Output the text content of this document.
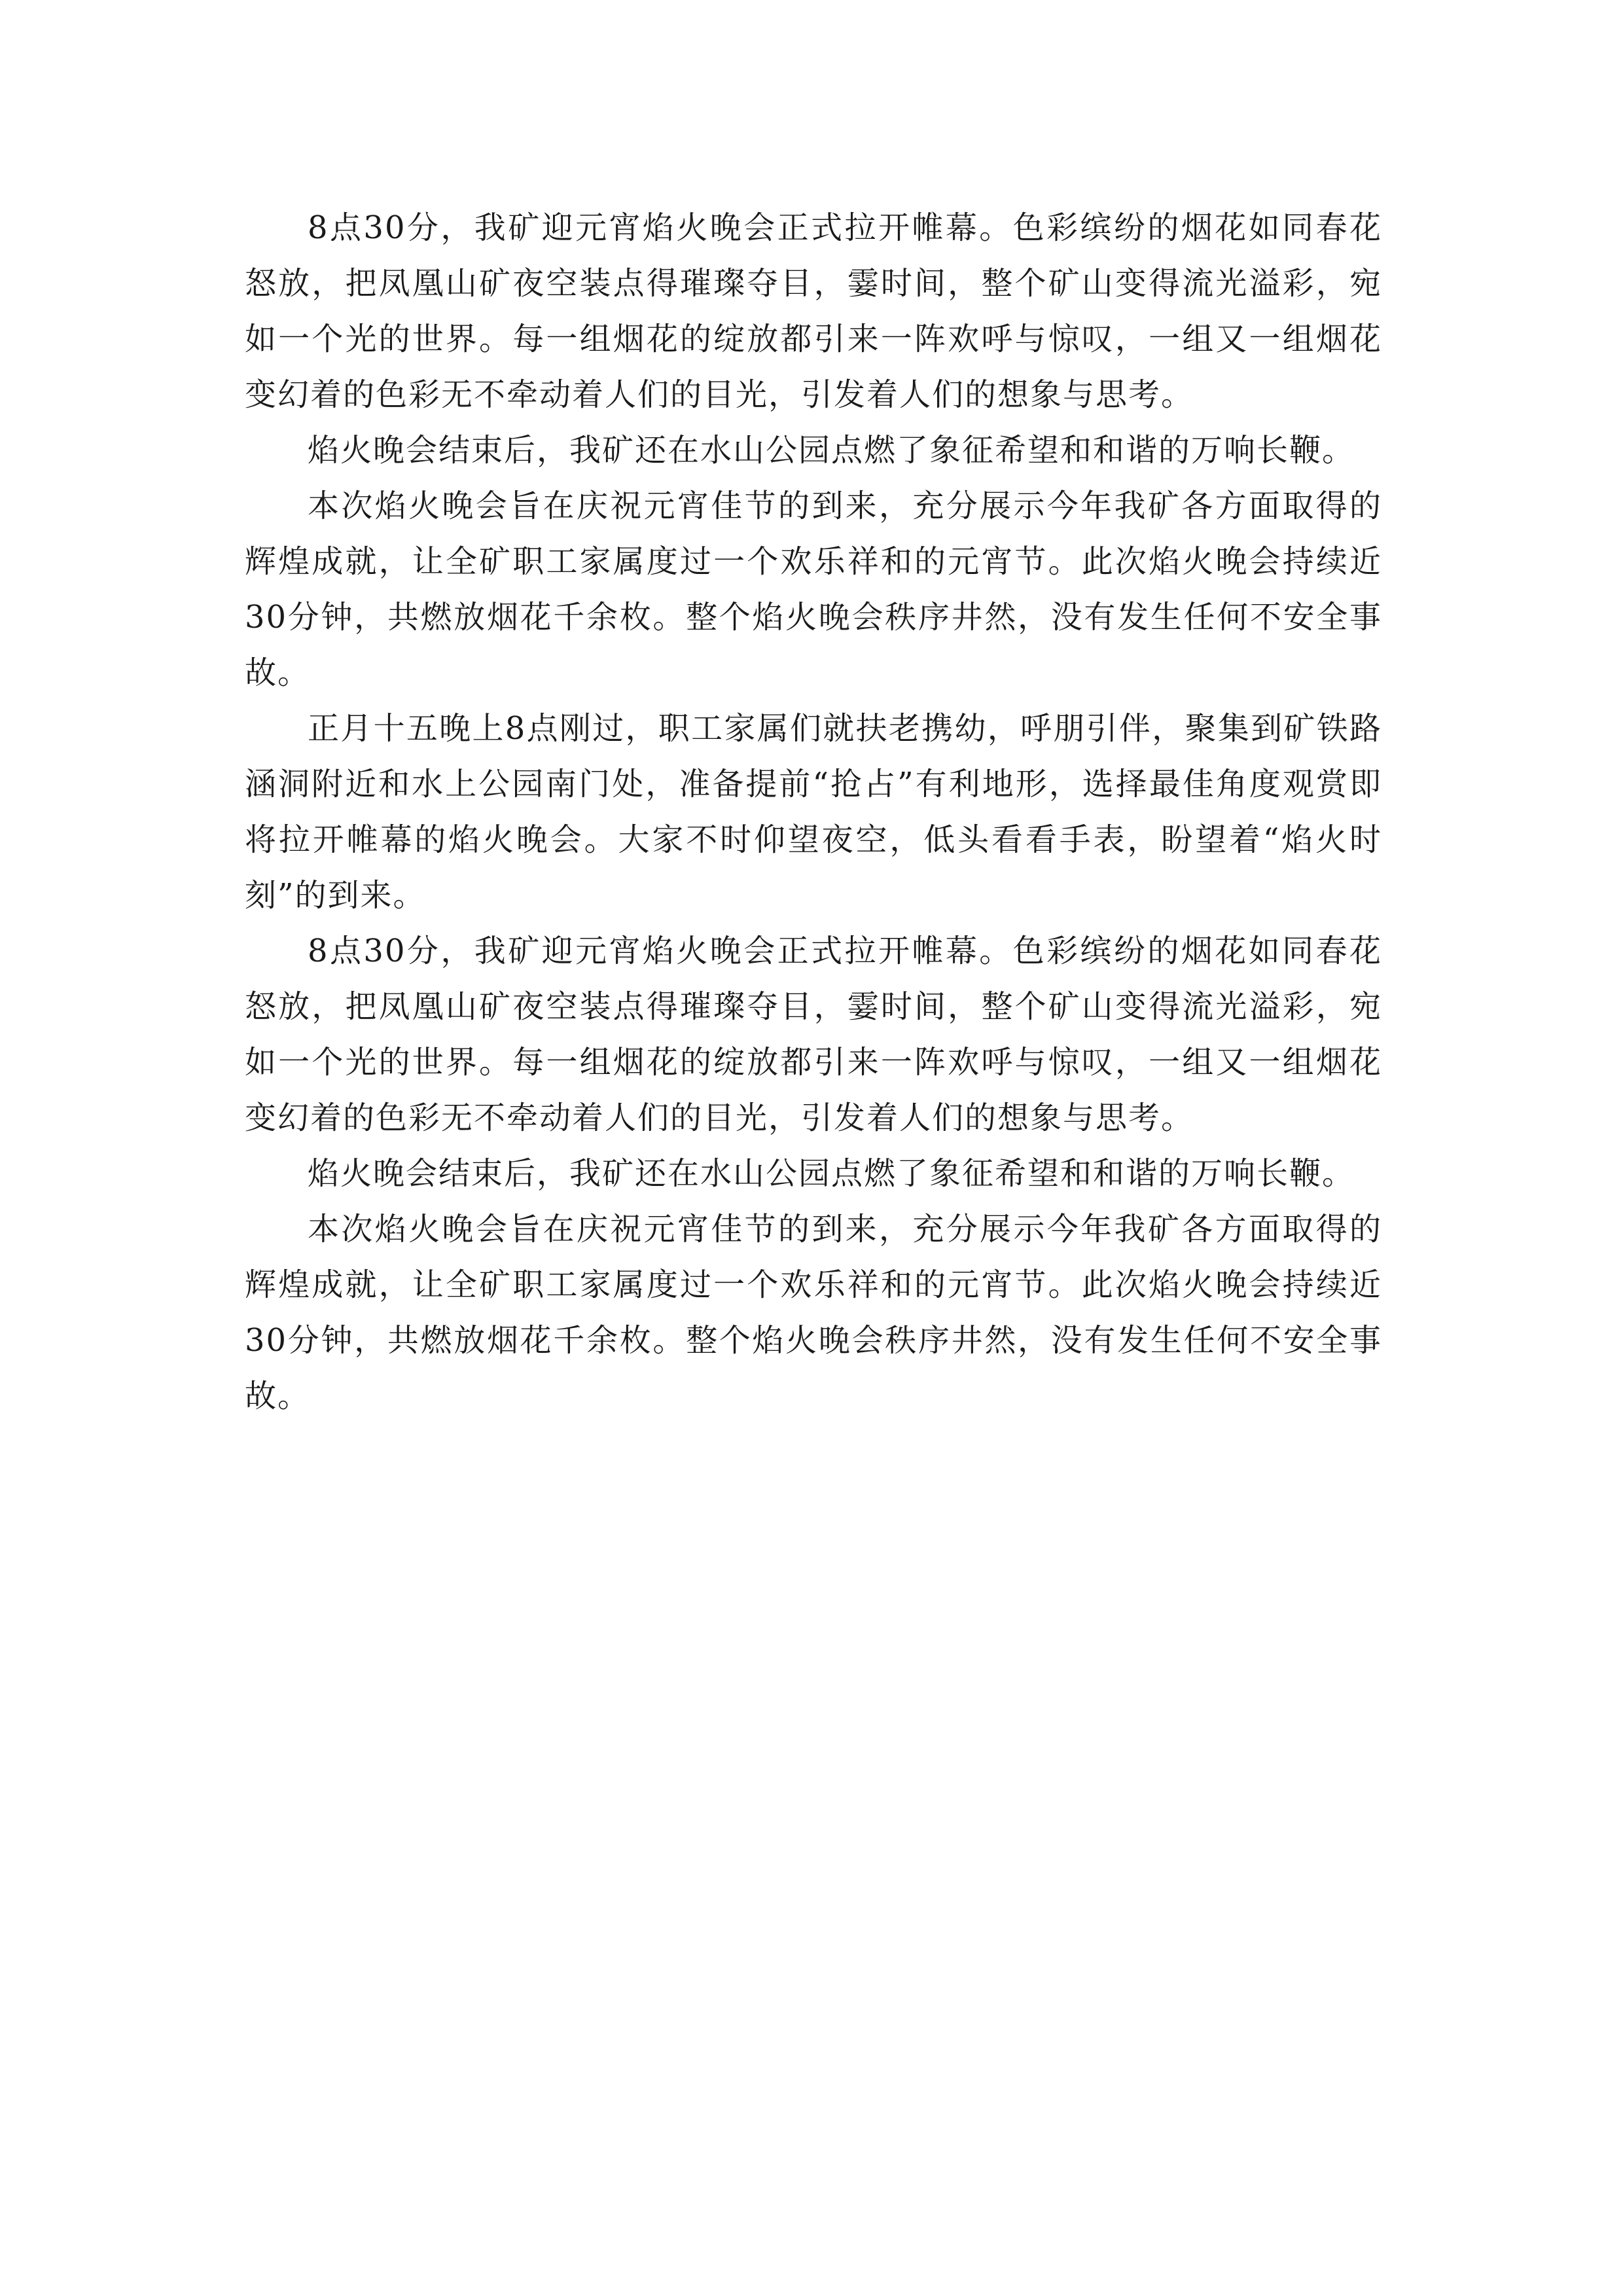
8点30分，我矿迎元宵焰火晚会正式拉开帷幕。色彩缤纷的烟花如同春花怒放，把凤凰山矿夜空装点得璀璨夺目，霎时间，整个矿山变得流光溢彩，宛如一个光的世界。每一组烟花的绽放都引来一阵欢呼与惊叹，一组又一组烟花变幻着的色彩无不牵动着人们的目光，引发着人们的想象与思考。

焰火晚会结束后，我矿还在水山公园点燃了象征希望和和谐的万响长鞭。

本次焰火晚会旨在庆祝元宵佳节的到来，充分展示今年我矿各方面取得的辉煌成就，让全矿职工家属度过一个欢乐祥和的元宵节。此次焰火晚会持续近30分钟，共燃放烟花千余枚。整个焰火晚会秩序井然，没有发生任何不安全事故。

正月十五晚上8点刚过，职工家属们就扶老携幼，呼朋引伴，聚集到矿铁路涵洞附近和水上公园南门处，准备提前“抢占”有利地形，选择最佳角度观赏即将拉开帷幕的焰火晚会。大家不时仰望夜空，低头看看手表，盼望着“焰火时刻”的到来。

8点30分，我矿迎元宵焰火晚会正式拉开帷幕。色彩缤纷的烟花如同春花怒放，把凤凰山矿夜空装点得璀璨夺目，霎时间，整个矿山变得流光溢彩，宛如一个光的世界。每一组烟花的绽放都引来一阵欢呼与惊叹，一组又一组烟花变幻着的色彩无不牵动着人们的目光，引发着人们的想象与思考。

焰火晚会结束后，我矿还在水山公园点燃了象征希望和和谐的万响长鞭。

本次焰火晚会旨在庆祝元宵佳节的到来，充分展示今年我矿各方面取得的辉煌成就，让全矿职工家属度过一个欢乐祥和的元宵节。此次焰火晚会持续近30分钟，共燃放烟花千余枚。整个焰火晚会秩序井然，没有发生任何不安全事故。
